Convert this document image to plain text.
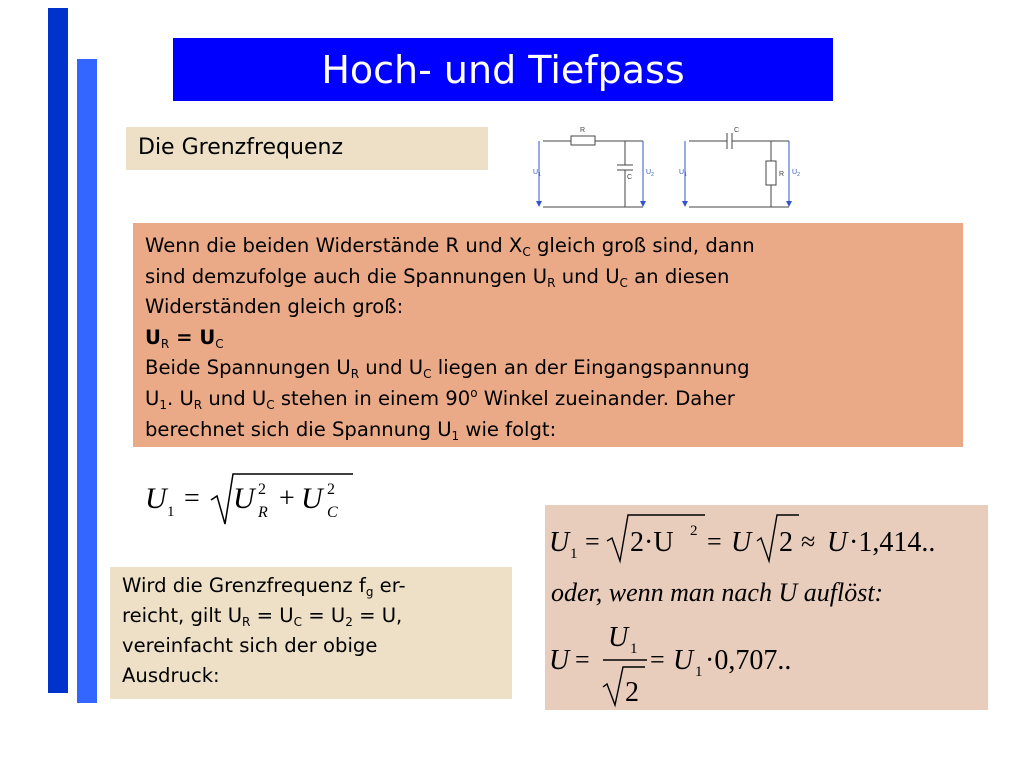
Hoch- und Tiefpass
Die Grenzfrequenz
R
C
$U_1$	$U_2$
C
R
$U_1$	$U_2$
Wenn die beiden Widerstände R und $X_C$ gleich groß sind, dann
sind demzufolge auch die Spannungen $U_R$ und $U_C$ an diesen
Widerständen gleich groß:
$U_R = U_C$
Beide Spannungen $U_R$ und $U_C$ liegen an der Eingangspannung
$U_1$. $U_R$ und $U_C$ stehen in einem 90$^o$ Winkel zueinander. Daher
berechnet sich die Spannung $U_1$ wie folgt:
U 1 = U 2
R + U 2
C
Wird die Grenzfrequenz $f_g$ er-
reicht, gilt $U_R = U_C = U_2 = U$,
vereinfacht sich der obige
Ausdruck:
U 1 = 2·U 2 = U 2 ≈ U ·1,414..
oder, wenn man nach U auflöst:
U =
U 1
2
= U 1 ·0,707..
